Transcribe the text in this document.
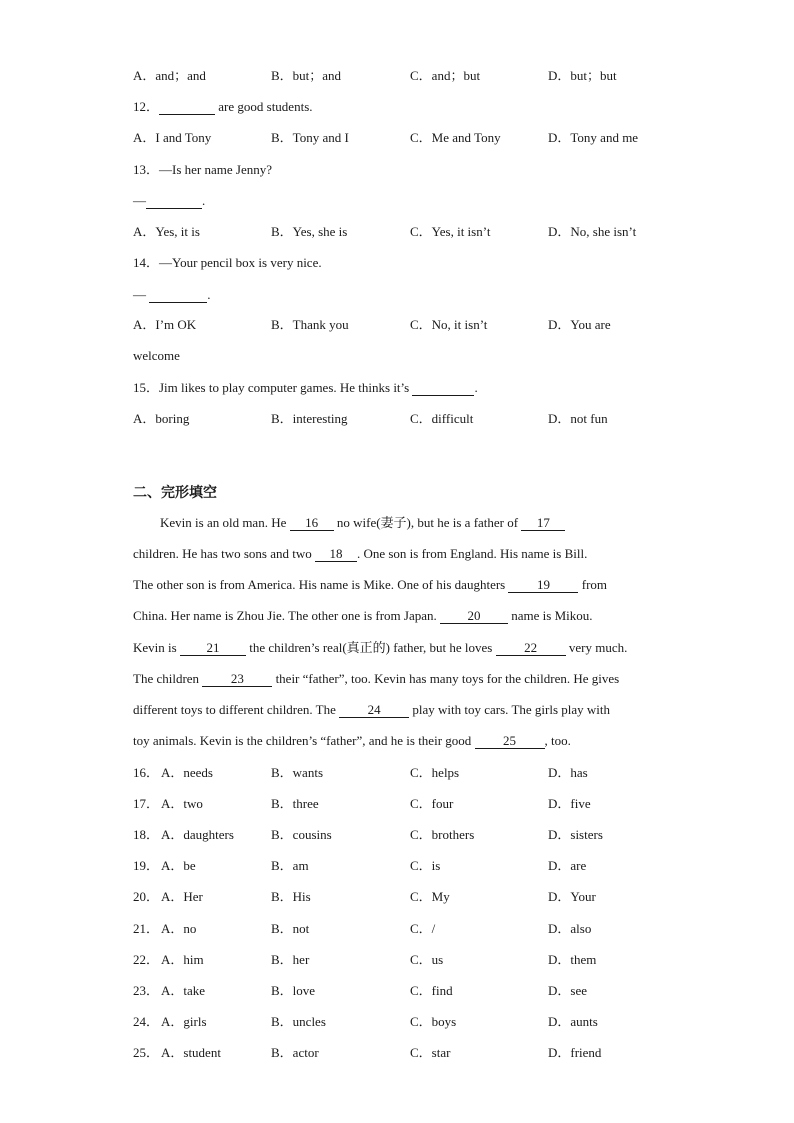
A．and；and	B．but；and	C．and；but	D．but；but
12．	are good students.
A．I and Tony	B．Tony and I	C．Me and Tony	D．Tony and me
13．—Is her name Jenny?
—	.
A．Yes, it is	B．Yes, she is	C．Yes, it isn’t	D．No, she isn’t
14．—Your pencil box is very nice.
—	.
A．I’m OK	B．Thank you	C．No, it isn’t	D．You are
welcome
15．Jim likes to play computer games. He thinks it’s	.
A．boring	B．interesting	C．difficult	D．not fun
二、完形填空
Kevin is an old man. He 16 no wife(妻子), but he is a father of 17
children. He has two sons and two 18 . One son is from England. His name is Bill.
The other son is from America. His name is Mike. One of his daughters 19 from
China. Her name is Zhou Jie. The other one is from Japan. 20 name is Mikou.
Kevin is 21 the children’s real(真正的) father, but he loves 22 very much.
The children 23 their “father”, too. Kevin has many toys for the children. He gives
different toys to different children. The 24 play with toy cars. The girls play with
toy animals. Kevin is the children’s “father”, and he is their good 25 , too.
16． A．needs	B．wants	C．helps	D．has
17． A．two	B．three	C．four	D．five
18． A．daughters	B．cousins	C．brothers	D．sisters
19． A．be	B．am	C．is	D．are
20． A．Her	B．His	C．My	D．Your
21． A．no	B．not	C．/	D．also
22． A．him	B．her	C．us	D．them
23． A．take	B．love	C．find	D．see
24． A．girls	B．uncles	C．boys	D．aunts
25． A．student	B．actor	C．star	D．friend
